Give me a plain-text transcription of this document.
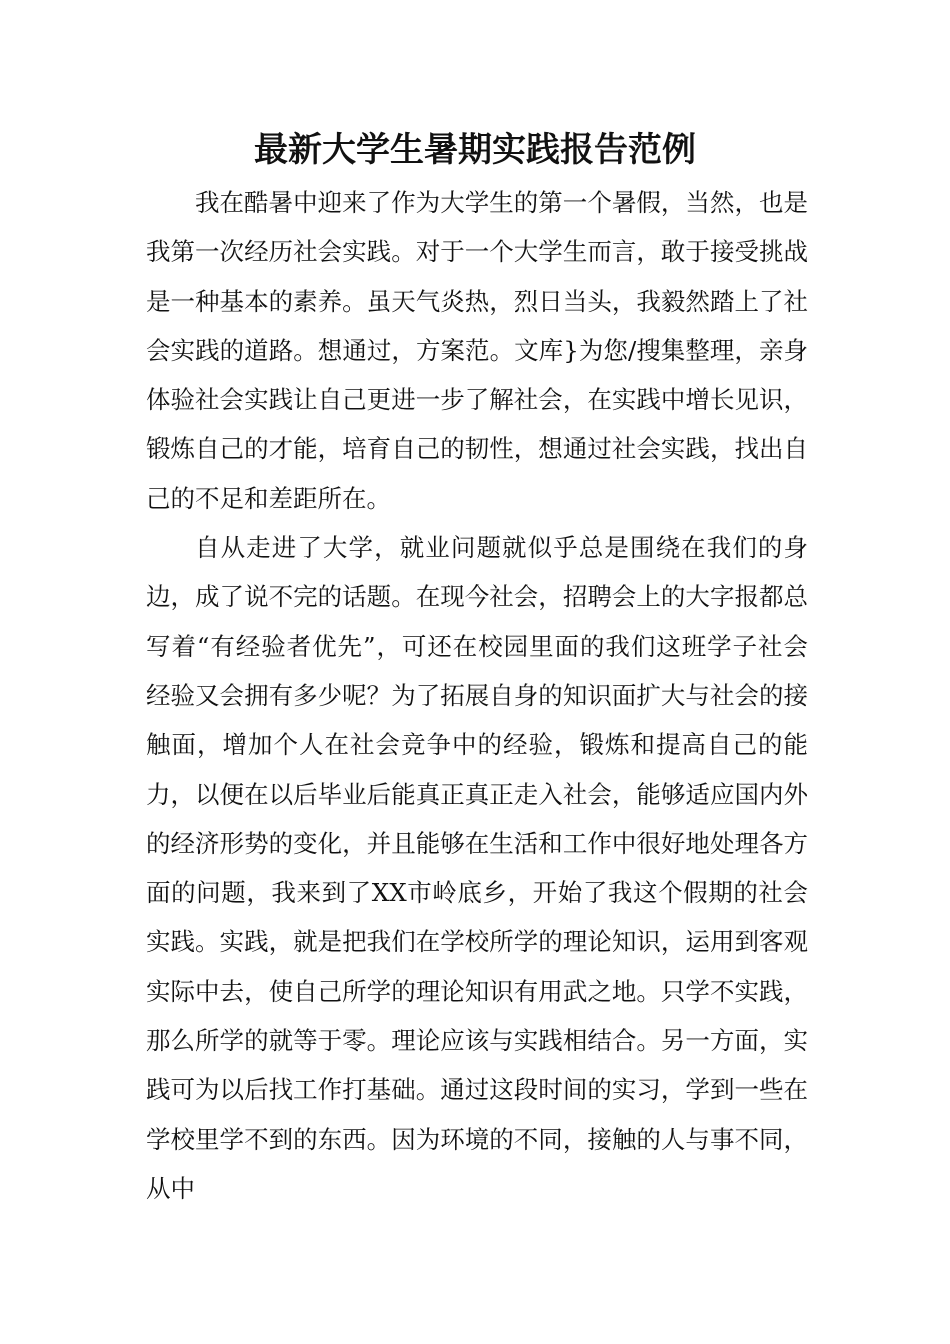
最新大学生暑期实践报告范例

我在酷暑中迎来了作为大学生的第一个暑假，当然，也是我第一次经历社会实践。对于一个大学生而言，敢于接受挑战是一种基本的素养。虽天气炎热，烈日当头，我毅然踏上了社会实践的道路。想通过，方案范。文库}为您/搜集整理，亲身体验社会实践让自己更进一步了解社会，在实践中增长见识，锻炼自己的才能，培育自己的韧性，想通过社会实践，找出自己的不足和差距所在。

自从走进了大学，就业问题就似乎总是围绕在我们的身边，成了说不完的话题。在现今社会，招聘会上的大字报都总写着“有经验者优先”，可还在校园里面的我们这班学子社会经验又会拥有多少呢？为了拓展自身的知识面扩大与社会的接触面，增加个人在社会竞争中的经验，锻炼和提高自己的能力，以便在以后毕业后能真正真正走入社会，能够适应国内外的经济形势的变化，并且能够在生活和工作中很好地处理各方面的问题，我来到了XX市岭底乡，开始了我这个假期的社会实践。实践，就是把我们在学校所学的理论知识，运用到客观实际中去，使自己所学的理论知识有用武之地。只学不实践，那么所学的就等于零。理论应该与实践相结合。另一方面，实践可为以后找工作打基础。通过这段时间的实习，学到一些在学校里学不到的东西。因为环境的不同，接触的人与事不同，从中
